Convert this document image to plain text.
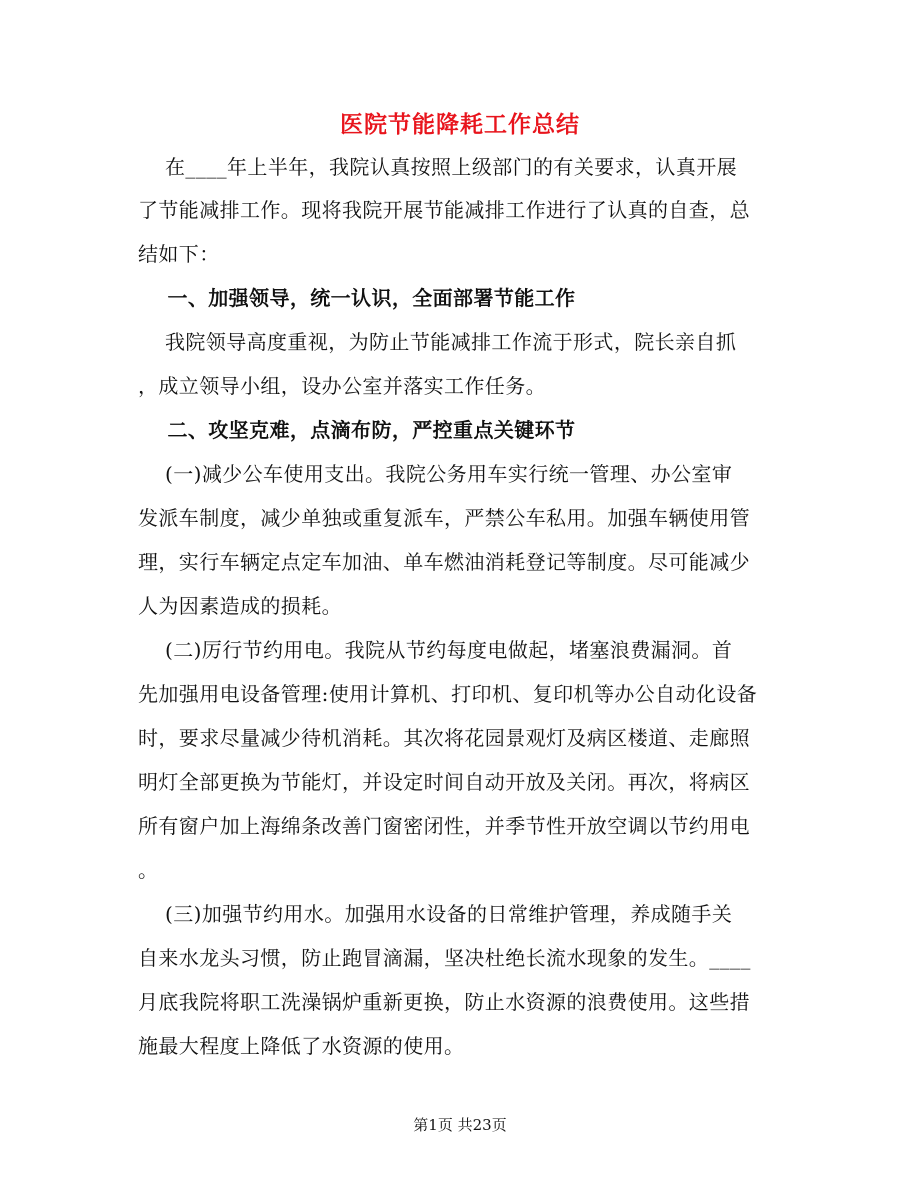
医院节能降耗工作总结
在____年上半年，我院认真按照上级部门的有关要求，认真开展
了节能减排工作。现将我院开展节能减排工作进行了认真的自查，总
结如下：
一、加强领导，统一认识，全面部署节能工作
我院领导高度重视，为防止节能减排工作流于形式，院长亲自抓
，成立领导小组，设办公室并落实工作任务。
二、攻坚克难，点滴布防，严控重点关键环节
(一)减少公车使用支出。我院公务用车实行统一管理、办公室审
发派车制度，减少单独或重复派车，严禁公车私用。加强车辆使用管
理，实行车辆定点定车加油、单车燃油消耗登记等制度。尽可能减少
人为因素造成的损耗。
(二)厉行节约用电。我院从节约每度电做起，堵塞浪费漏洞。首
先加强用电设备管理:使用计算机、打印机、复印机等办公自动化设备
时，要求尽量减少待机消耗。其次将花园景观灯及病区楼道、走廊照
明灯全部更换为节能灯，并设定时间自动开放及关闭。再次，将病区
所有窗户加上海绵条改善门窗密闭性，并季节性开放空调以节约用电
。
(三)加强节约用水。加强用水设备的日常维护管理，养成随手关
自来水龙头习惯，防止跑冒滴漏，坚决杜绝长流水现象的发生。____
月底我院将职工洗澡锅炉重新更换，防止水资源的浪费使用。这些措
施最大程度上降低了水资源的使用。
第1页 共23页
